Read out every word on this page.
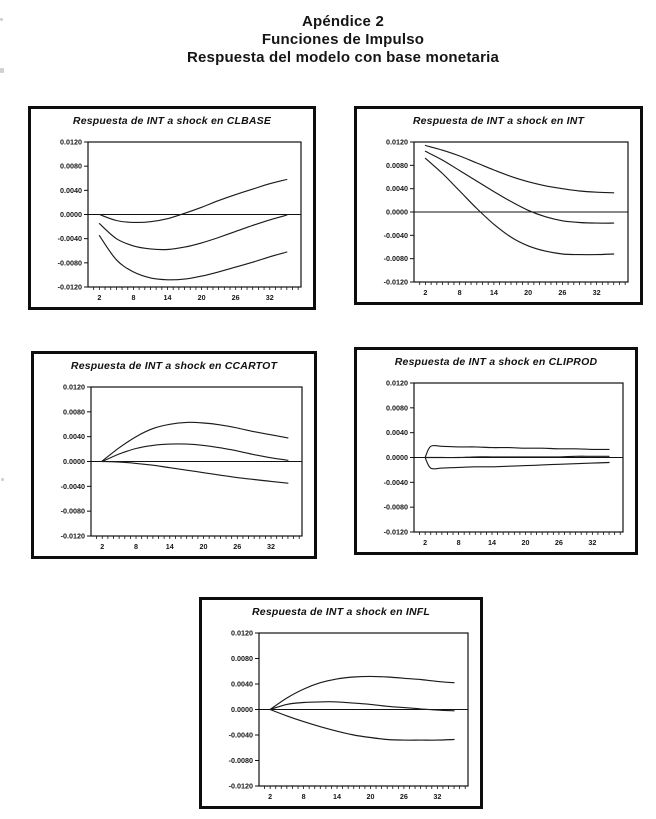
Apéndice 2
Funciones de Impulso
Respuesta del modelo con base monetaria
Respuesta de INT a shock en CLBASE
0.0120
0.0080
0.0040
0.0000
-0.0040
-0.0080
-0.0120
2	8	14	20	26	32
Respuesta de INT a shock en INT
0.0120
0.0080
0.0040
0.0000
-0.0040
-0.0080
-0.0120
2	8	14	20	26	32
Respuesta de INT a shock en CCARTOT
0.0120
0.0080
0.0040
0.0000
-0.0040
-0.0080
-0.0120
2	8	14	20	26	32
Respuesta de INT a shock en CLIPROD
0.0120
0.0080
0.0040
0.0000
-0.0040
-0.0080
-0.0120
2	8	14	20	26	32
Respuesta de INT a shock en INFL
0.0120
0.0080
0.0040
0.0000
-0.0040
-0.0080
-0.0120
2	8	14	20	26	32
